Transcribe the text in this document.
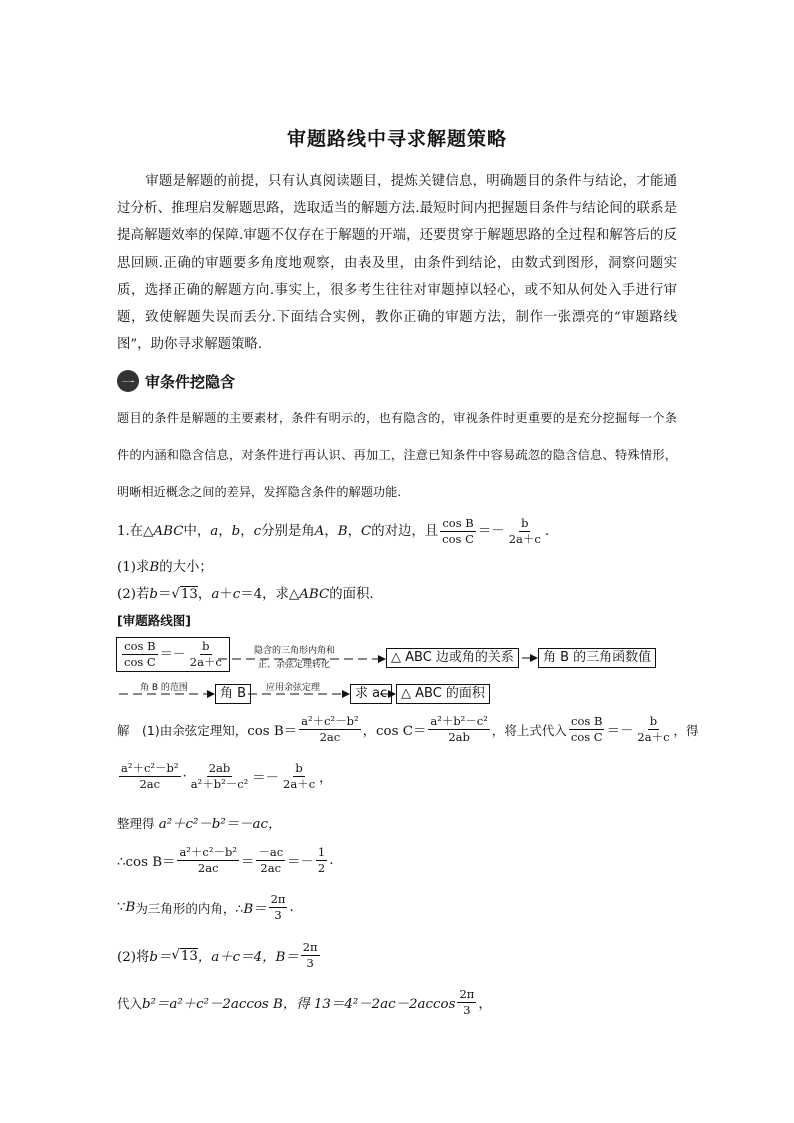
审题路线中寻求解题策略

审题是解题的前提，只有认真阅读题目，提炼关键信息，明确题目的条件与结论，才能通过分析、推理启发解题思路，选取适当的解题方法.最短时间内把握题目条件与结论间的联系是提高解题效率的保障.审题不仅存在于解题的开端，还要贯穿于解题思路的全过程和解答后的反思回顾.正确的审题要多角度地观察，由表及里，由条件到结论，由数式到图形，洞察问题实质，选择正确的解题方向.事实上，很多考生往往对审题掉以轻心，或不知从何处入手进行审题，致使解题失误而丢分.下面结合实例，教你正确的审题方法，制作一张漂亮的“审题路线图”，助你寻求解题策略.

一 审条件挖隐含

题目的条件是解题的主要素材，条件有明示的，也有隐含的，审视条件时更重要的是充分挖掘每一个条件的内涵和隐含信息，对条件进行再认识、再加工，注意已知条件中容易疏忽的隐含信息、特殊情形，明晰相近概念之间的差异，发挥隐含条件的解题功能.

1.在△ABC中，a，b，c分别是角A，B，C的对边，且 $\frac{\text{cos B}}{\text{cos C}} =- \frac{b}{2a+c}$ .
(1)求B的大小；
(2)若b＝√13，a＋c＝4，求△ABC的面积.
[审题路线图]
$\frac{\text{cos B}}{\text{cos C}} =- \frac{b}{2a+c}$	隐含的三角形内角和
正、余弦定理转化	△ ABC 边或角的关系	角 B 的三角函数值
角 B 的范围	角 B	应用余弦定理	求 ac	△ ABC 的面积
解　(1)由余弦定理知， $\cos B= \frac{\text{a²＋c²－b²}}{2ac}$ ，$\cos C= \frac{\text{a²＋b²－c²}}{2ab}$ ，将上式代入 $\frac{\text{cos B}}{\text{cos C}} =- \frac{b}{2a+c}$ ，得
$\frac{\text{a²＋c²－b²}}{2ac} \cdot \frac{2ab}{\text{a²＋b²－c²}} =- \frac{b}{2a+c}$ ，
整理得 a²＋c²－b²＝－ac，
∴cos $B= \frac{\text{a²＋c²－b²}}{2ac} = \frac{-ac}{2ac} =- \frac{1}{2}$ .
∵ B 为三角形的内角，∴ $B= \frac{2\pi}{3}$ .
(2)将 b＝ √ 13 ，a＋c＝4，$B= \frac{2\pi}{3}$
代入 b²＝a²＋c²－2accos B，得 $13=4^2-2ac-2accos \frac{2\pi}{3}$ ，
